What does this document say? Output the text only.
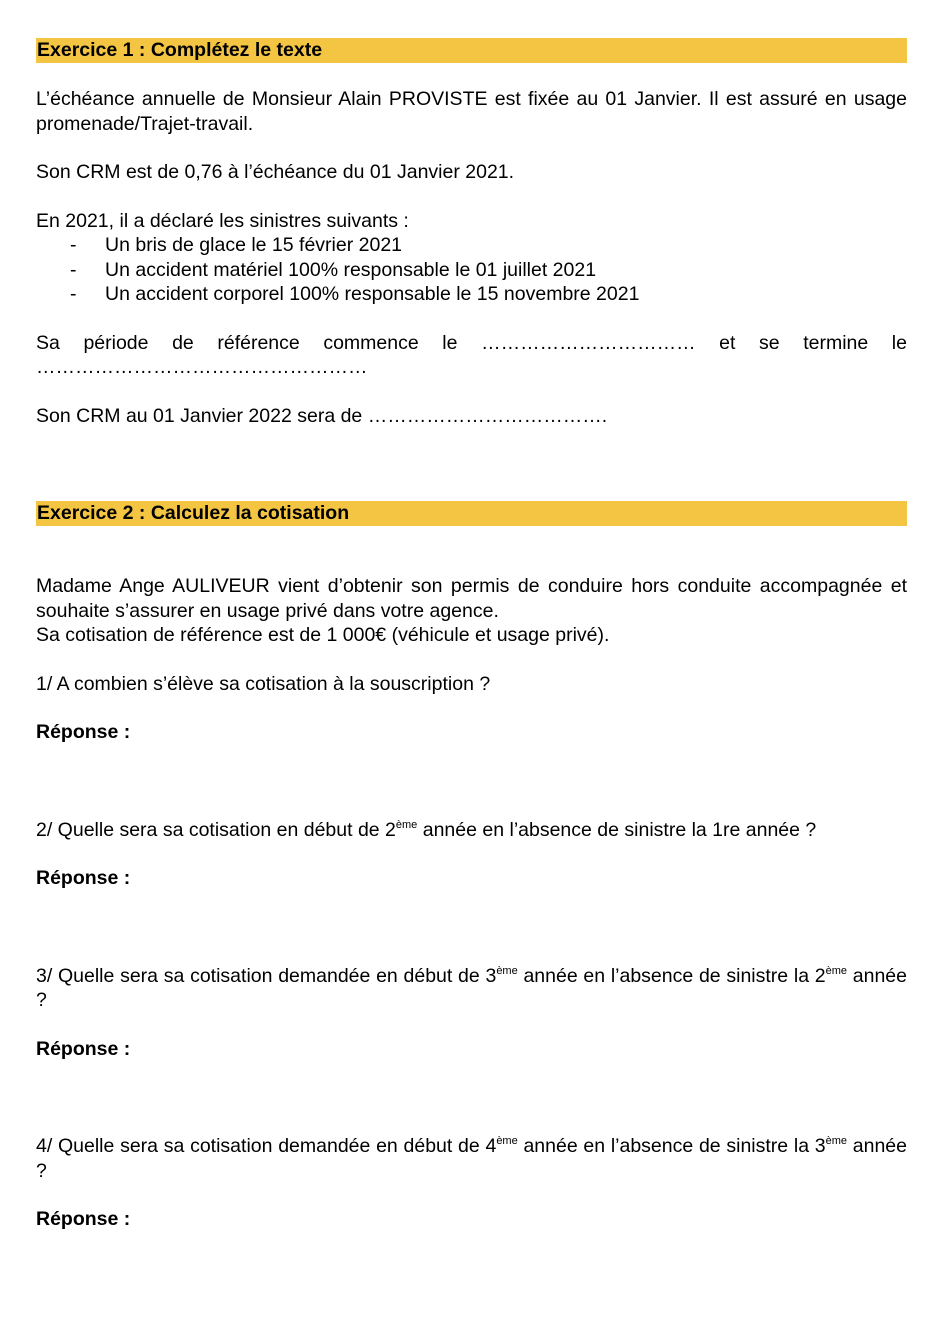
Exercice 1 : Complétez le texte

L’échéance annuelle de Monsieur Alain PROVISTE est fixée au 01 Janvier. Il est assuré en usage promenade/Trajet-travail.

Son CRM est de 0,76 à l’échéance du 01 Janvier 2021.

En 2021, il a déclaré les sinistres suivants :

- Un bris de glace le 15 février 2021
- Un accident matériel 100% responsable le 01 juillet 2021
- Un accident corporel 100% responsable le 15 novembre 2021

Sa période de référence commence le …………………………… et se termine le

……………………………………………

Son CRM au 01 Janvier 2022 sera de ……………………………….

Exercice 2 : Calculez la cotisation

Madame Ange AULIVEUR vient d’obtenir son permis de conduire hors conduite accompagnée et souhaite s’assurer en usage privé dans votre agence.

Sa cotisation de référence est de 1 000€ (véhicule et usage privé).

1/ A combien s’élève sa cotisation à la souscription ?

Réponse :

2/ Quelle sera sa cotisation en début de 2ème année en l’absence de sinistre la 1re année ?

Réponse :

3/ Quelle sera sa cotisation demandée en début de 3ème année en l’absence de sinistre la 2ème année ?

Réponse :

4/ Quelle sera sa cotisation demandée en début de 4ème année en l’absence de sinistre la 3ème année ?

Réponse :
